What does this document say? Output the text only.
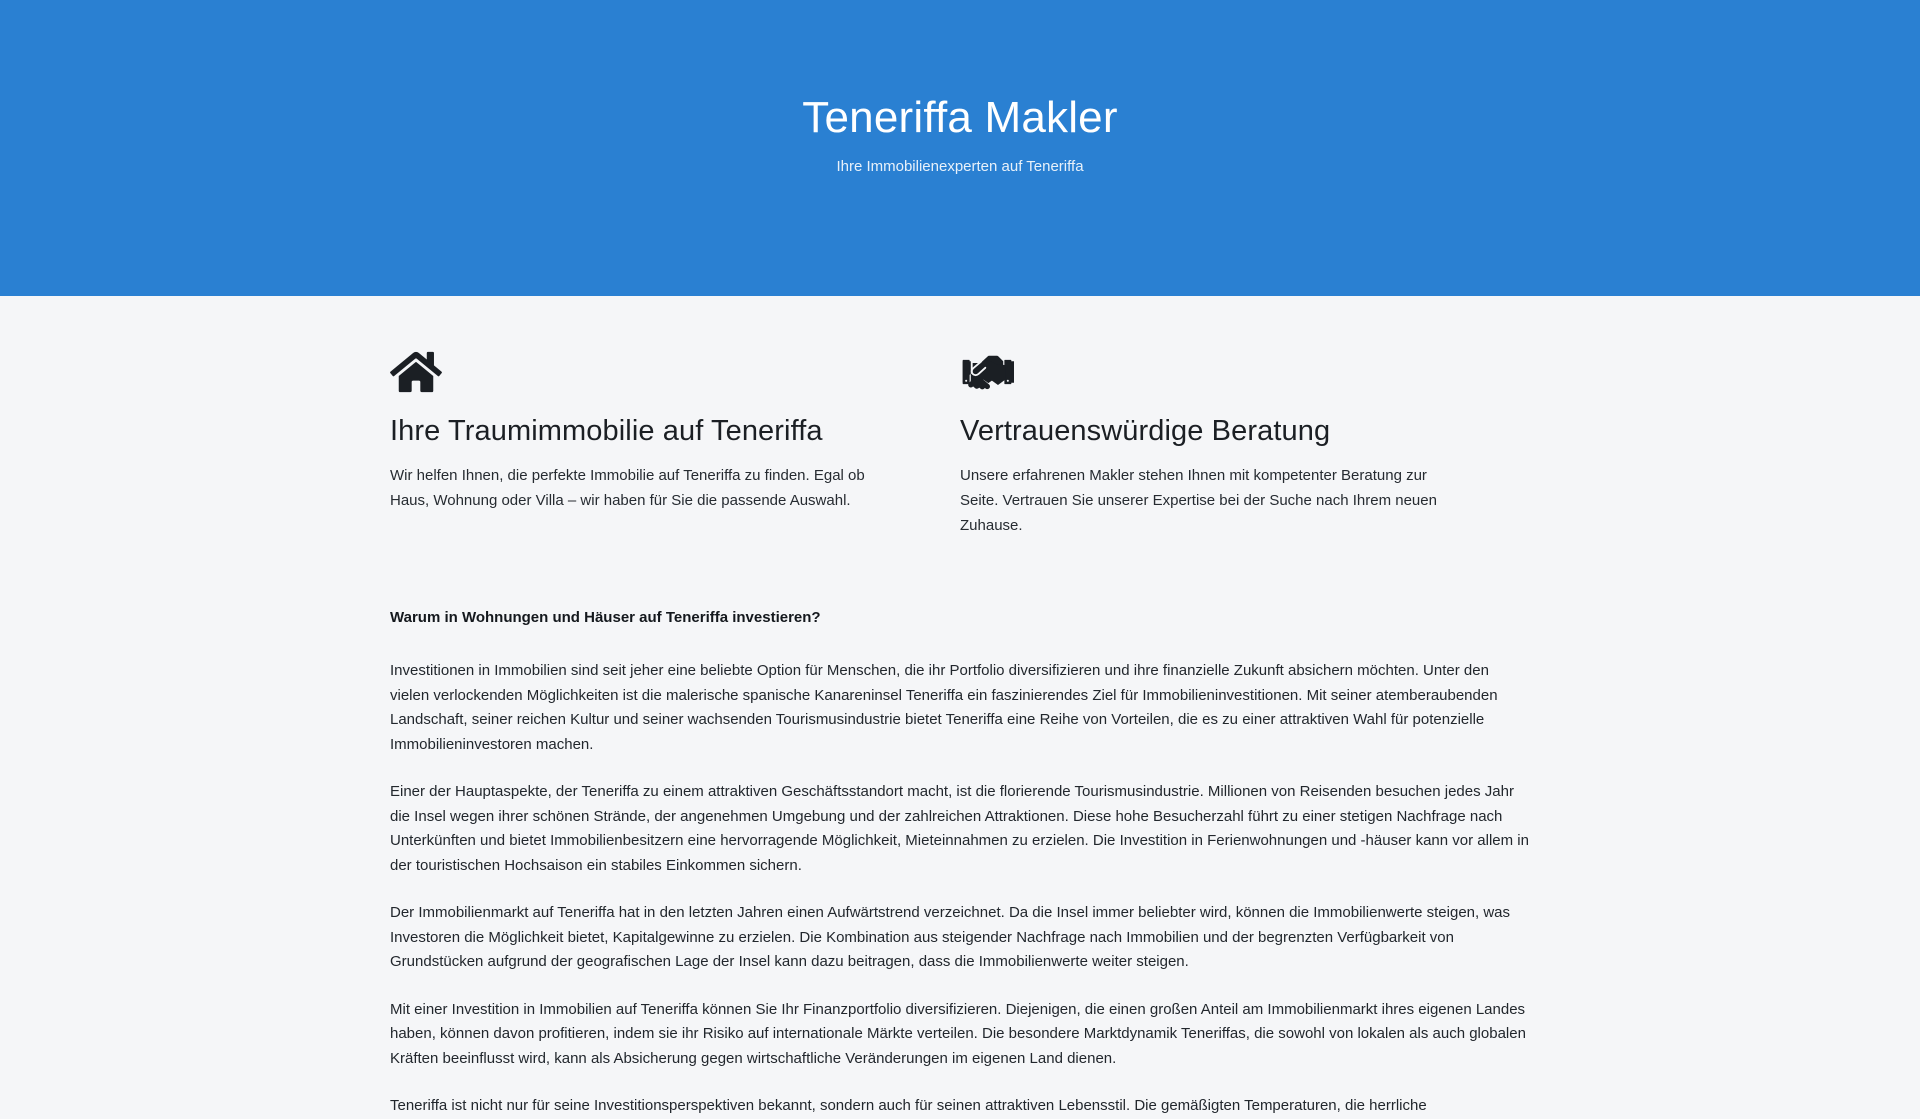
Teneriffa Makler

Ihre Immobilienexperten auf Teneriffa

Ihre Traumimmobilie auf Teneriffa

Wir helfen Ihnen, die perfekte Immobilie auf Teneriffa zu finden. Egal ob Haus, Wohnung oder Villa – wir haben für Sie die passende Auswahl.

Vertrauenswürdige Beratung

Unsere erfahrenen Makler stehen Ihnen mit kompetenter Beratung zur Seite. Vertrauen Sie unserer Expertise bei der Suche nach Ihrem neuen Zuhause.

Warum in Wohnungen und Häuser auf Teneriffa investieren?

Investitionen in Immobilien sind seit jeher eine beliebte Option für Menschen, die ihr Portfolio diversifizieren und ihre finanzielle Zukunft absichern möchten. Unter den vielen verlockenden Möglichkeiten ist die malerische spanische Kanareninsel Teneriffa ein faszinierendes Ziel für Immobilieninvestitionen. Mit seiner atemberaubenden Landschaft, seiner reichen Kultur und seiner wachsenden Tourismusindustrie bietet Teneriffa eine Reihe von Vorteilen, die es zu einer attraktiven Wahl für potenzielle Immobilieninvestoren machen.

Einer der Hauptaspekte, der Teneriffa zu einem attraktiven Geschäftsstandort macht, ist die florierende Tourismusindustrie. Millionen von Reisenden besuchen jedes Jahr die Insel wegen ihrer schönen Strände, der angenehmen Umgebung und der zahlreichen Attraktionen. Diese hohe Besucherzahl führt zu einer stetigen Nachfrage nach Unterkünften und bietet Immobilienbesitzern eine hervorragende Möglichkeit, Mieteinnahmen zu erzielen. Die Investition in Ferienwohnungen und -häuser kann vor allem in der touristischen Hochsaison ein stabiles Einkommen sichern.

Der Immobilienmarkt auf Teneriffa hat in den letzten Jahren einen Aufwärtstrend verzeichnet. Da die Insel immer beliebter wird, können die Immobilienwerte steigen, was Investoren die Möglichkeit bietet, Kapitalgewinne zu erzielen. Die Kombination aus steigender Nachfrage nach Immobilien und der begrenzten Verfügbarkeit von Grundstücken aufgrund der geografischen Lage der Insel kann dazu beitragen, dass die Immobilienwerte weiter steigen.

Mit einer Investition in Immobilien auf Teneriffa können Sie Ihr Finanzportfolio diversifizieren. Diejenigen, die einen großen Anteil am Immobilienmarkt ihres eigenen Landes haben, können davon profitieren, indem sie ihr Risiko auf internationale Märkte verteilen. Die besondere Marktdynamik Teneriffas, die sowohl von lokalen als auch globalen Kräften beeinflusst wird, kann als Absicherung gegen wirtschaftliche Veränderungen im eigenen Land dienen.

Teneriffa ist nicht nur für seine Investitionsperspektiven bekannt, sondern auch für seinen attraktiven Lebensstil. Die gemäßigten Temperaturen, die herrliche
